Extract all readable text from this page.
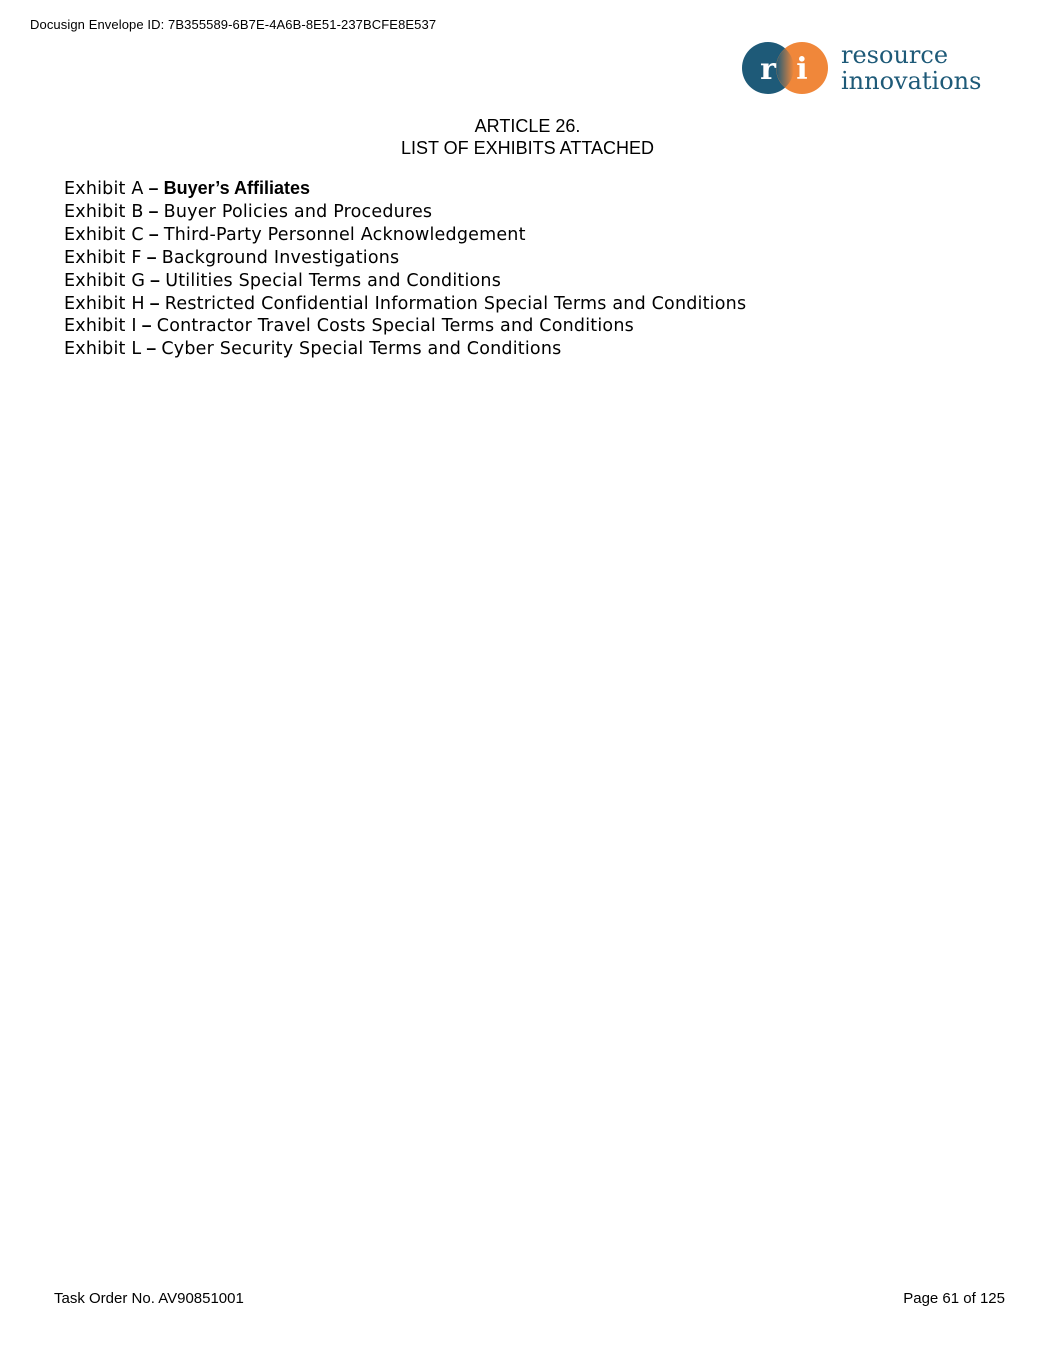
Docusign Envelope ID: 7B355589-6B7E-4A6B-8E51-237BCFE8E537
r i resource
innovations
ARTICLE 26.
LIST OF EXHIBITS ATTACHED
Exhibit A – Buyer’s Affiliates
Exhibit B – Buyer Policies and Procedures
Exhibit C – Third-Party Personnel Acknowledgement
Exhibit F – Background Investigations
Exhibit G – Utilities Special Terms and Conditions
Exhibit H – Restricted Confidential Information Special Terms and Conditions
Exhibit I – Contractor Travel Costs Special Terms and Conditions
Exhibit L – Cyber Security Special Terms and Conditions
Task Order No. AV90851001	Page 61 of 125
